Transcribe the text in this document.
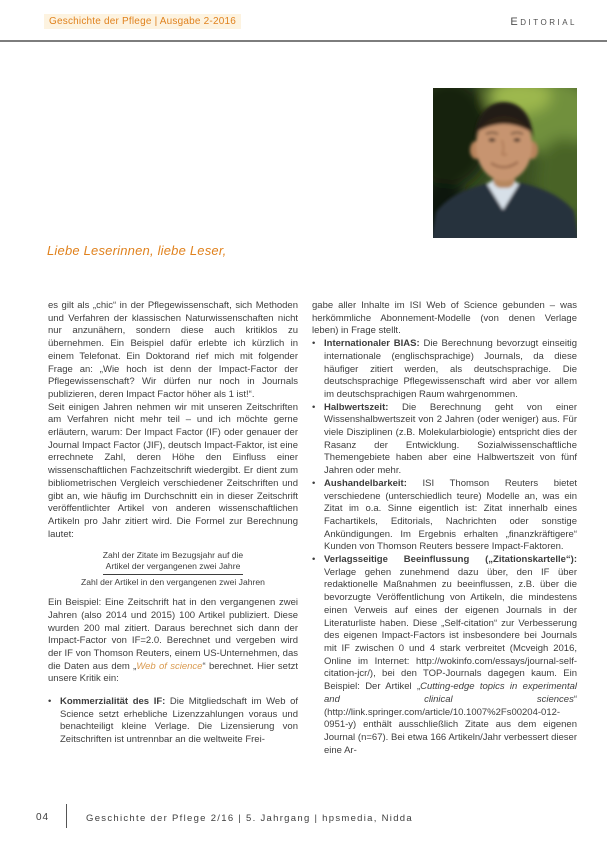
Geschichte der Pflege | Ausgabe 2-2016	Editorial
Liebe Leserinnen, liebe Leser,

es gilt als „chic“ in der Pflegewissenschaft, sich Methoden und Verfahren der klassischen Naturwissenschaften nicht nur anzunähern, sondern diese auch kritiklos zu übernehmen. Ein Beispiel dafür erlebte ich kürzlich in einem Telefonat. Ein Doktorand rief mich mit folgender Frage an: „Wie hoch ist denn der Impact-Factor der Pflegewissenschaft? Wir dürfen nur noch in Journals publizieren, deren Impact Factor höher als 1 ist!“.

Seit einigen Jahren nehmen wir mit unseren Zeitschriften am Verfahren nicht mehr teil – und ich möchte gerne erläutern, warum: Der Impact Factor (IF) oder genauer der Journal Impact Factor (JIF), deutsch Impact-Faktor, ist eine errechnete Zahl, deren Höhe den Einfluss einer wissenschaftlichen Fachzeitschrift wiedergibt. Er dient zum bibliometrischen Vergleich verschiedener Zeitschriften und gibt an, wie häufig im Durchschnitt ein in dieser Zeitschrift veröffentlichter Artikel von anderen wissenschaftlichen Artikeln pro Jahr zitiert wird. Die Formel zur Berechnung lautet:

Zahl der Zitate im Bezugsjahr auf die
Artikel der vergangenen zwei Jahre
Zahl der Artikel in den vergangenen zwei Jahren

Ein Beispiel: Eine Zeitschrift hat in den vergangenen zwei Jahren (also 2014 und 2015) 100 Artikel publiziert. Diese wurden 200 mal zitiert. Daraus berechnet sich dann der Impact-Factor von IF=2.0. Berechnet und vergeben wird der IF von Thomson Reuters, einem US-Unternehmen, das die Daten aus dem „Web of science“ berechnet. Hier setzt unsere Kritik ein:

• Kommerzialität des IF: Die Mitgliedschaft im Web of Science setzt erhebliche Lizenzzahlungen voraus und benachteiligt kleine Verlage. Die Lizensierung von Zeitschriften ist untrennbar an die weltweite Frei-

gabe aller Inhalte im ISI Web of Science gebunden – was herkömmliche Abonnement-Modelle (von denen Verlage leben) in Frage stellt.

• Internationaler BIAS: Die Berechnung bevorzugt einseitig internationale (englischsprachige) Journals, da diese häufiger zitiert werden, als deutschsprachige. Die deutschsprachige Pflegewissenschaft wird aber vor allem im deutschsprachigen Raum wahrgenommen.
• Halbwertszeit: Die Berechnung geht von einer Wissenshalbwertszeit von 2 Jahren (oder weniger) aus. Für viele Disziplinen (z.B. Molekularbiologie) entspricht dies der Rasanz der Entwicklung. Sozialwissenschaftliche Themengebiete haben aber eine Halbwertszeit von fünf Jahren oder mehr.
• Aushandelbarkeit: ISI Thomson Reuters bietet verschiedene (unterschiedlich teure) Modelle an, was ein Zitat im o.a. Sinne eigentlich ist: Zitat innerhalb eines Fachartikels, Editorials, Nachrichten oder sonstige Ankündigungen. Im Ergebnis erhalten „finanzkräftigere“ Kunden von Thomson Reuters bessere Impact-Faktoren.
• Verlagsseitige Beeinflussung („Zitationskartelle“): Verlage gehen zunehmend dazu über, den IF über redaktionelle Maßnahmen zu beeinflussen, z.B. über die bevorzugte Veröffentlichung von Artikeln, die mindestens einen Verweis auf eines der eigenen Journals in der Literaturliste haben. Diese „Self-citation“ zur Verbesserung des eigenen Impact-Factors ist insbesondere bei Journals mit IF zwischen 0 und 4 stark verbreitet (Mcveigh 2016, Online im Internet: http://wokinfo.com/essays/journal-self-citation-jcr/), bei den TOP-Journals dagegen kaum. Ein Beispiel: Der Artikel „Cutting-edge topics in experimental and clinical sciences“ (http://link.springer.com/article/10.1007%2Fs00204-012-0951-y) enthält ausschließlich Zitate aus dem eigenen Journal (n=67). Bei etwa 166 Artikeln/Jahr verbessert dieser eine Ar-
04	Geschichte der Pflege 2/16 | 5. Jahrgang | hpsmedia, Nidda
